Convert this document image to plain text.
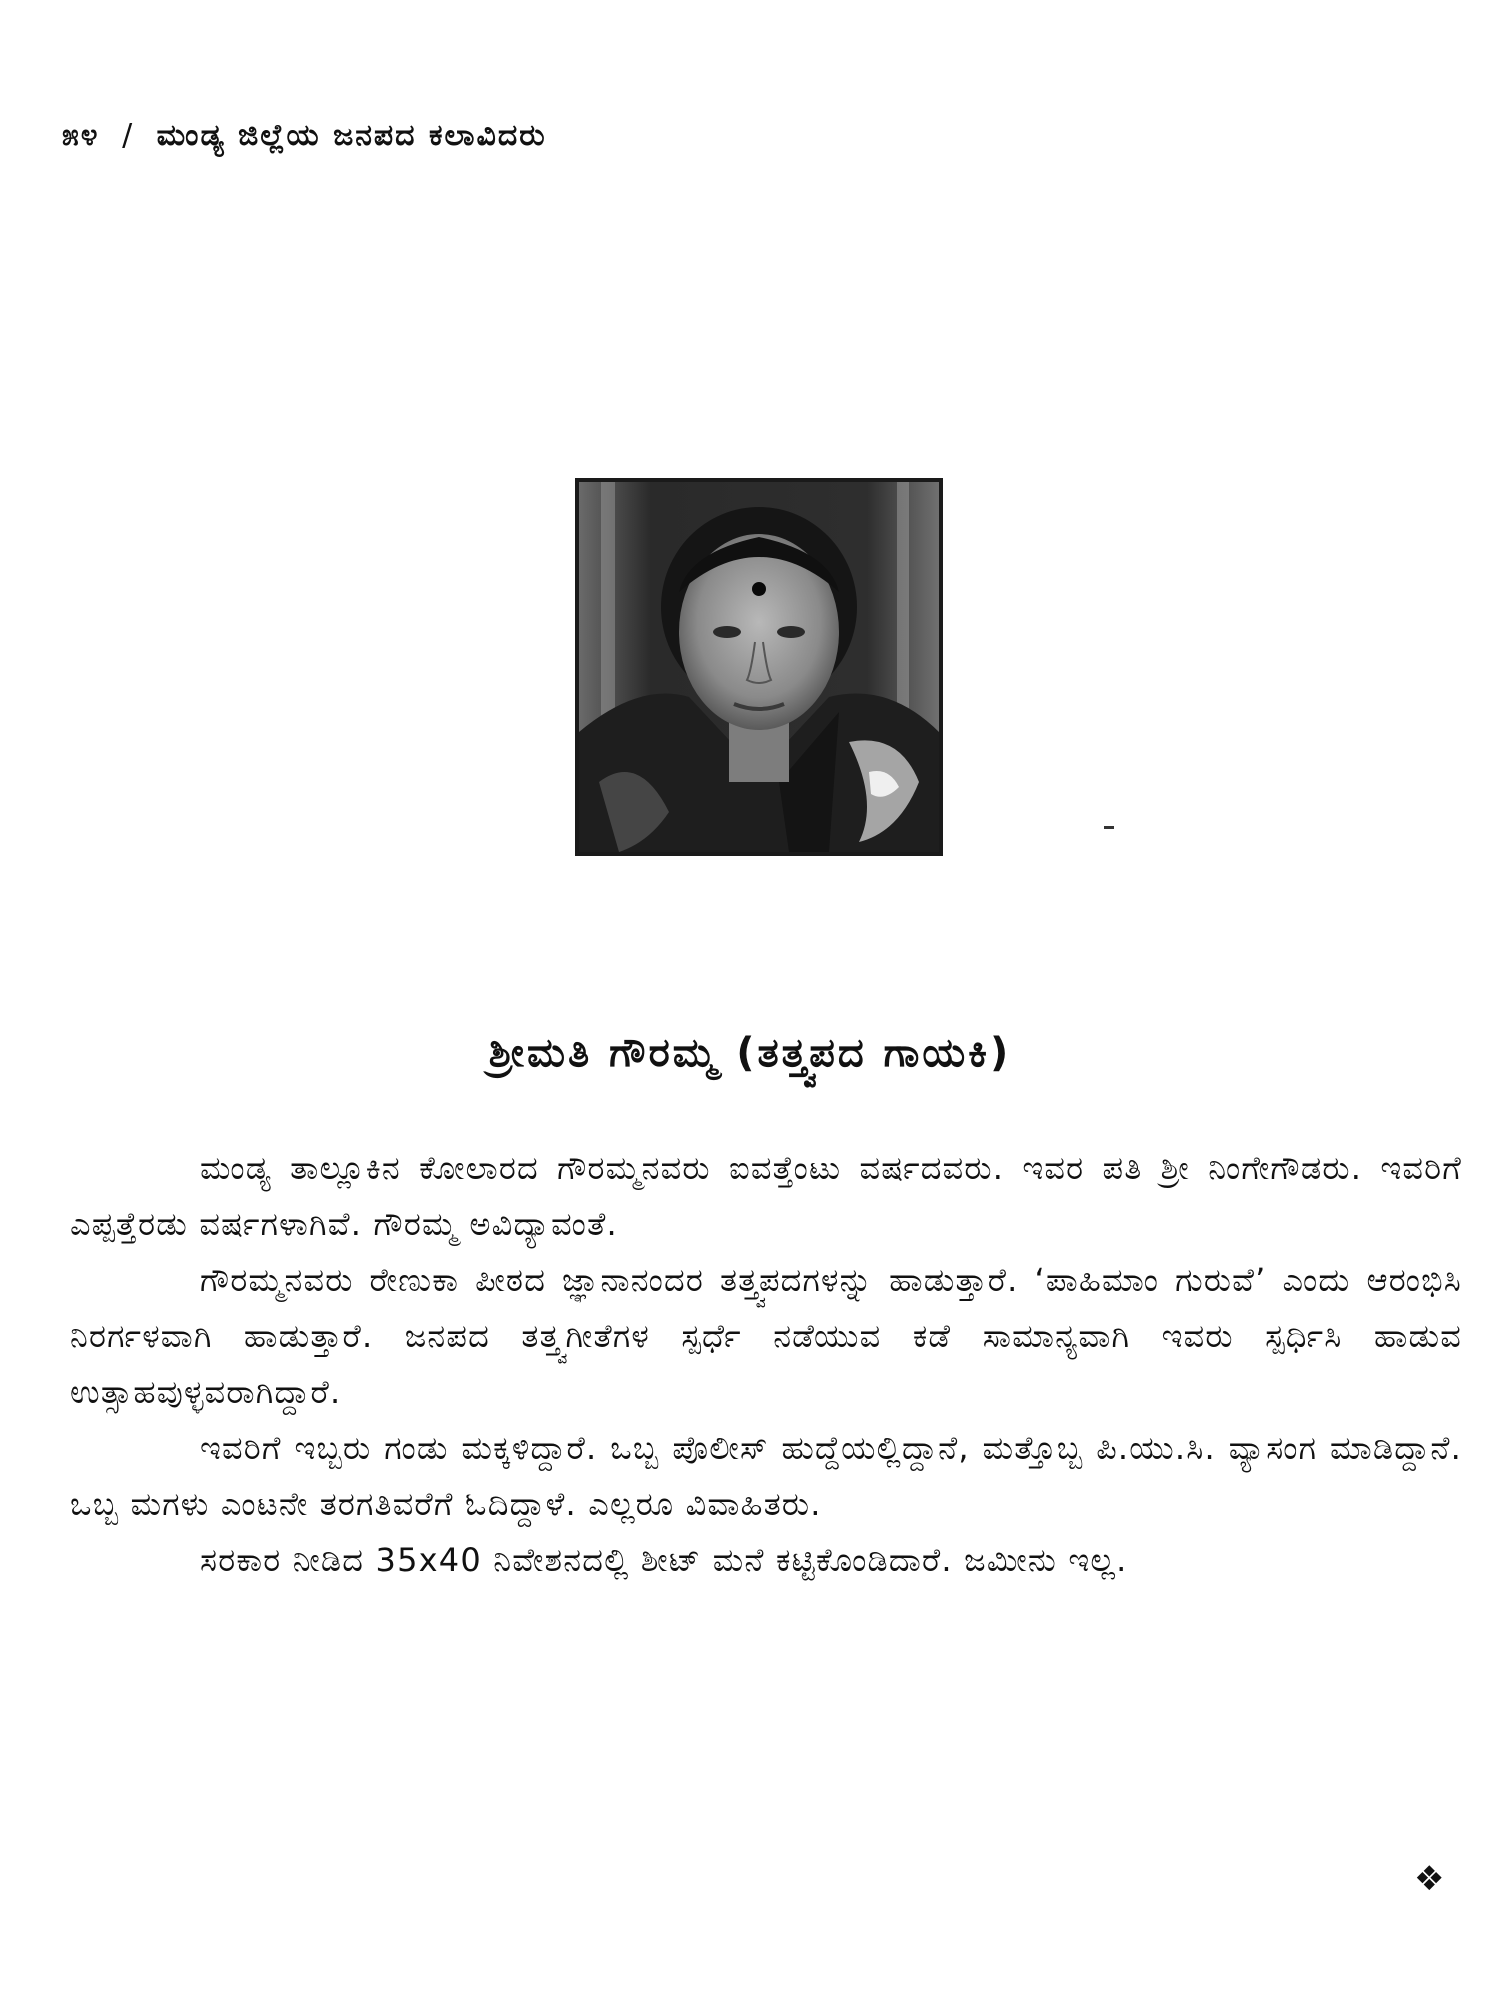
೫೪ / ಮಂಡ್ಯ ಜಿಲ್ಲೆಯ ಜನಪದ ಕಲಾವಿದರು
ಶ್ರೀಮತಿ ಗೌರಮ್ಮ (ತತ್ತ್ವಪದ ಗಾಯಕಿ)

ಮಂಡ್ಯ ತಾಲ್ಲೂಕಿನ ಕೋಲಾರದ ಗೌರಮ್ಮನವರು ಐವತ್ತೆಂಟು ವರ್ಷದವರು. ಇವರ ಪತಿ ಶ್ರೀ ನಿಂಗೇಗೌಡರು. ಇವರಿಗೆ ಎಪ್ಪತ್ತೆರಡು ವರ್ಷಗಳಾಗಿವೆ. ಗೌರಮ್ಮ ಅವಿದ್ಯಾವಂತೆ.

ಗೌರಮ್ಮನವರು ರೇಣುಕಾ ಪೀಠದ ಜ್ಞಾನಾನಂದರ ತತ್ತ್ವಪದಗಳನ್ನು ಹಾಡುತ್ತಾರೆ. ‘ಪಾಹಿಮಾಂ ಗುರುವೆ’ ಎಂದು ಆರಂಭಿಸಿ ನಿರರ್ಗಳವಾಗಿ ಹಾಡುತ್ತಾರೆ. ಜನಪದ ತತ್ತ್ವಗೀತೆಗಳ ಸ್ಪರ್ಧೆ ನಡೆಯುವ ಕಡೆ ಸಾಮಾನ್ಯವಾಗಿ ಇವರು ಸ್ಪರ್ಧಿಸಿ ಹಾಡುವ ಉತ್ಸಾಹವುಳ್ಳವರಾಗಿದ್ದಾರೆ.

ಇವರಿಗೆ ಇಬ್ಬರು ಗಂಡು ಮಕ್ಕಳಿದ್ದಾರೆ. ಒಬ್ಬ ಪೊಲೀಸ್ ಹುದ್ದೆಯಲ್ಲಿದ್ದಾನೆ, ಮತ್ತೊಬ್ಬ ಪಿ.ಯು.ಸಿ. ವ್ಯಾಸಂಗ ಮಾಡಿದ್ದಾನೆ. ಒಬ್ಬ ಮಗಳು ಎಂಟನೇ ತರಗತಿವರೆಗೆ ಓದಿದ್ದಾಳೆ. ಎಲ್ಲರೂ ವಿವಾಹಿತರು.

ಸರಕಾರ ನೀಡಿದ 35x40 ನಿವೇಶನದಲ್ಲಿ ಶೀಟ್ ಮನೆ ಕಟ್ಟಿಕೊಂಡಿದಾರೆ. ಜಮೀನು ಇಲ್ಲ.

❖
